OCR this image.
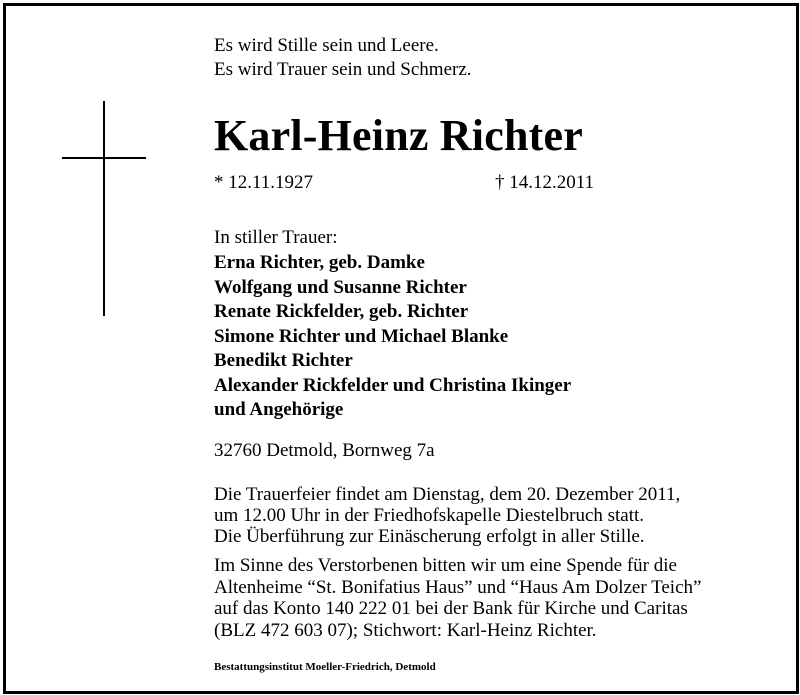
Es wird Stille sein und Leere.
Es wird Trauer sein und Schmerz.
Karl-Heinz Richter
* 12.11.1927	† 14.12.2011
In stiller Trauer:
Erna Richter, geb. Damke
Wolfgang und Susanne Richter
Renate Rickfelder, geb. Richter
Simone Richter und Michael Blanke
Benedikt Richter
Alexander Rickfelder und Christina Ikinger
und Angehörige
32760 Detmold, Bornweg 7a
Die Trauerfeier findet am Dienstag, dem 20. Dezember 2011,
um 12.00 Uhr in der Friedhofskapelle Diestelbruch statt.
Die Überführung zur Einäscherung erfolgt in aller Stille.
Im Sinne des Verstorbenen bitten wir um eine Spende für die
Altenheime “St. Bonifatius Haus” und “Haus Am Dolzer Teich”
auf das Konto 140 222 01 bei der Bank für Kirche und Caritas
(BLZ 472 603 07); Stichwort: Karl-Heinz Richter.
Bestattungsinstitut Moeller-Friedrich, Detmold
